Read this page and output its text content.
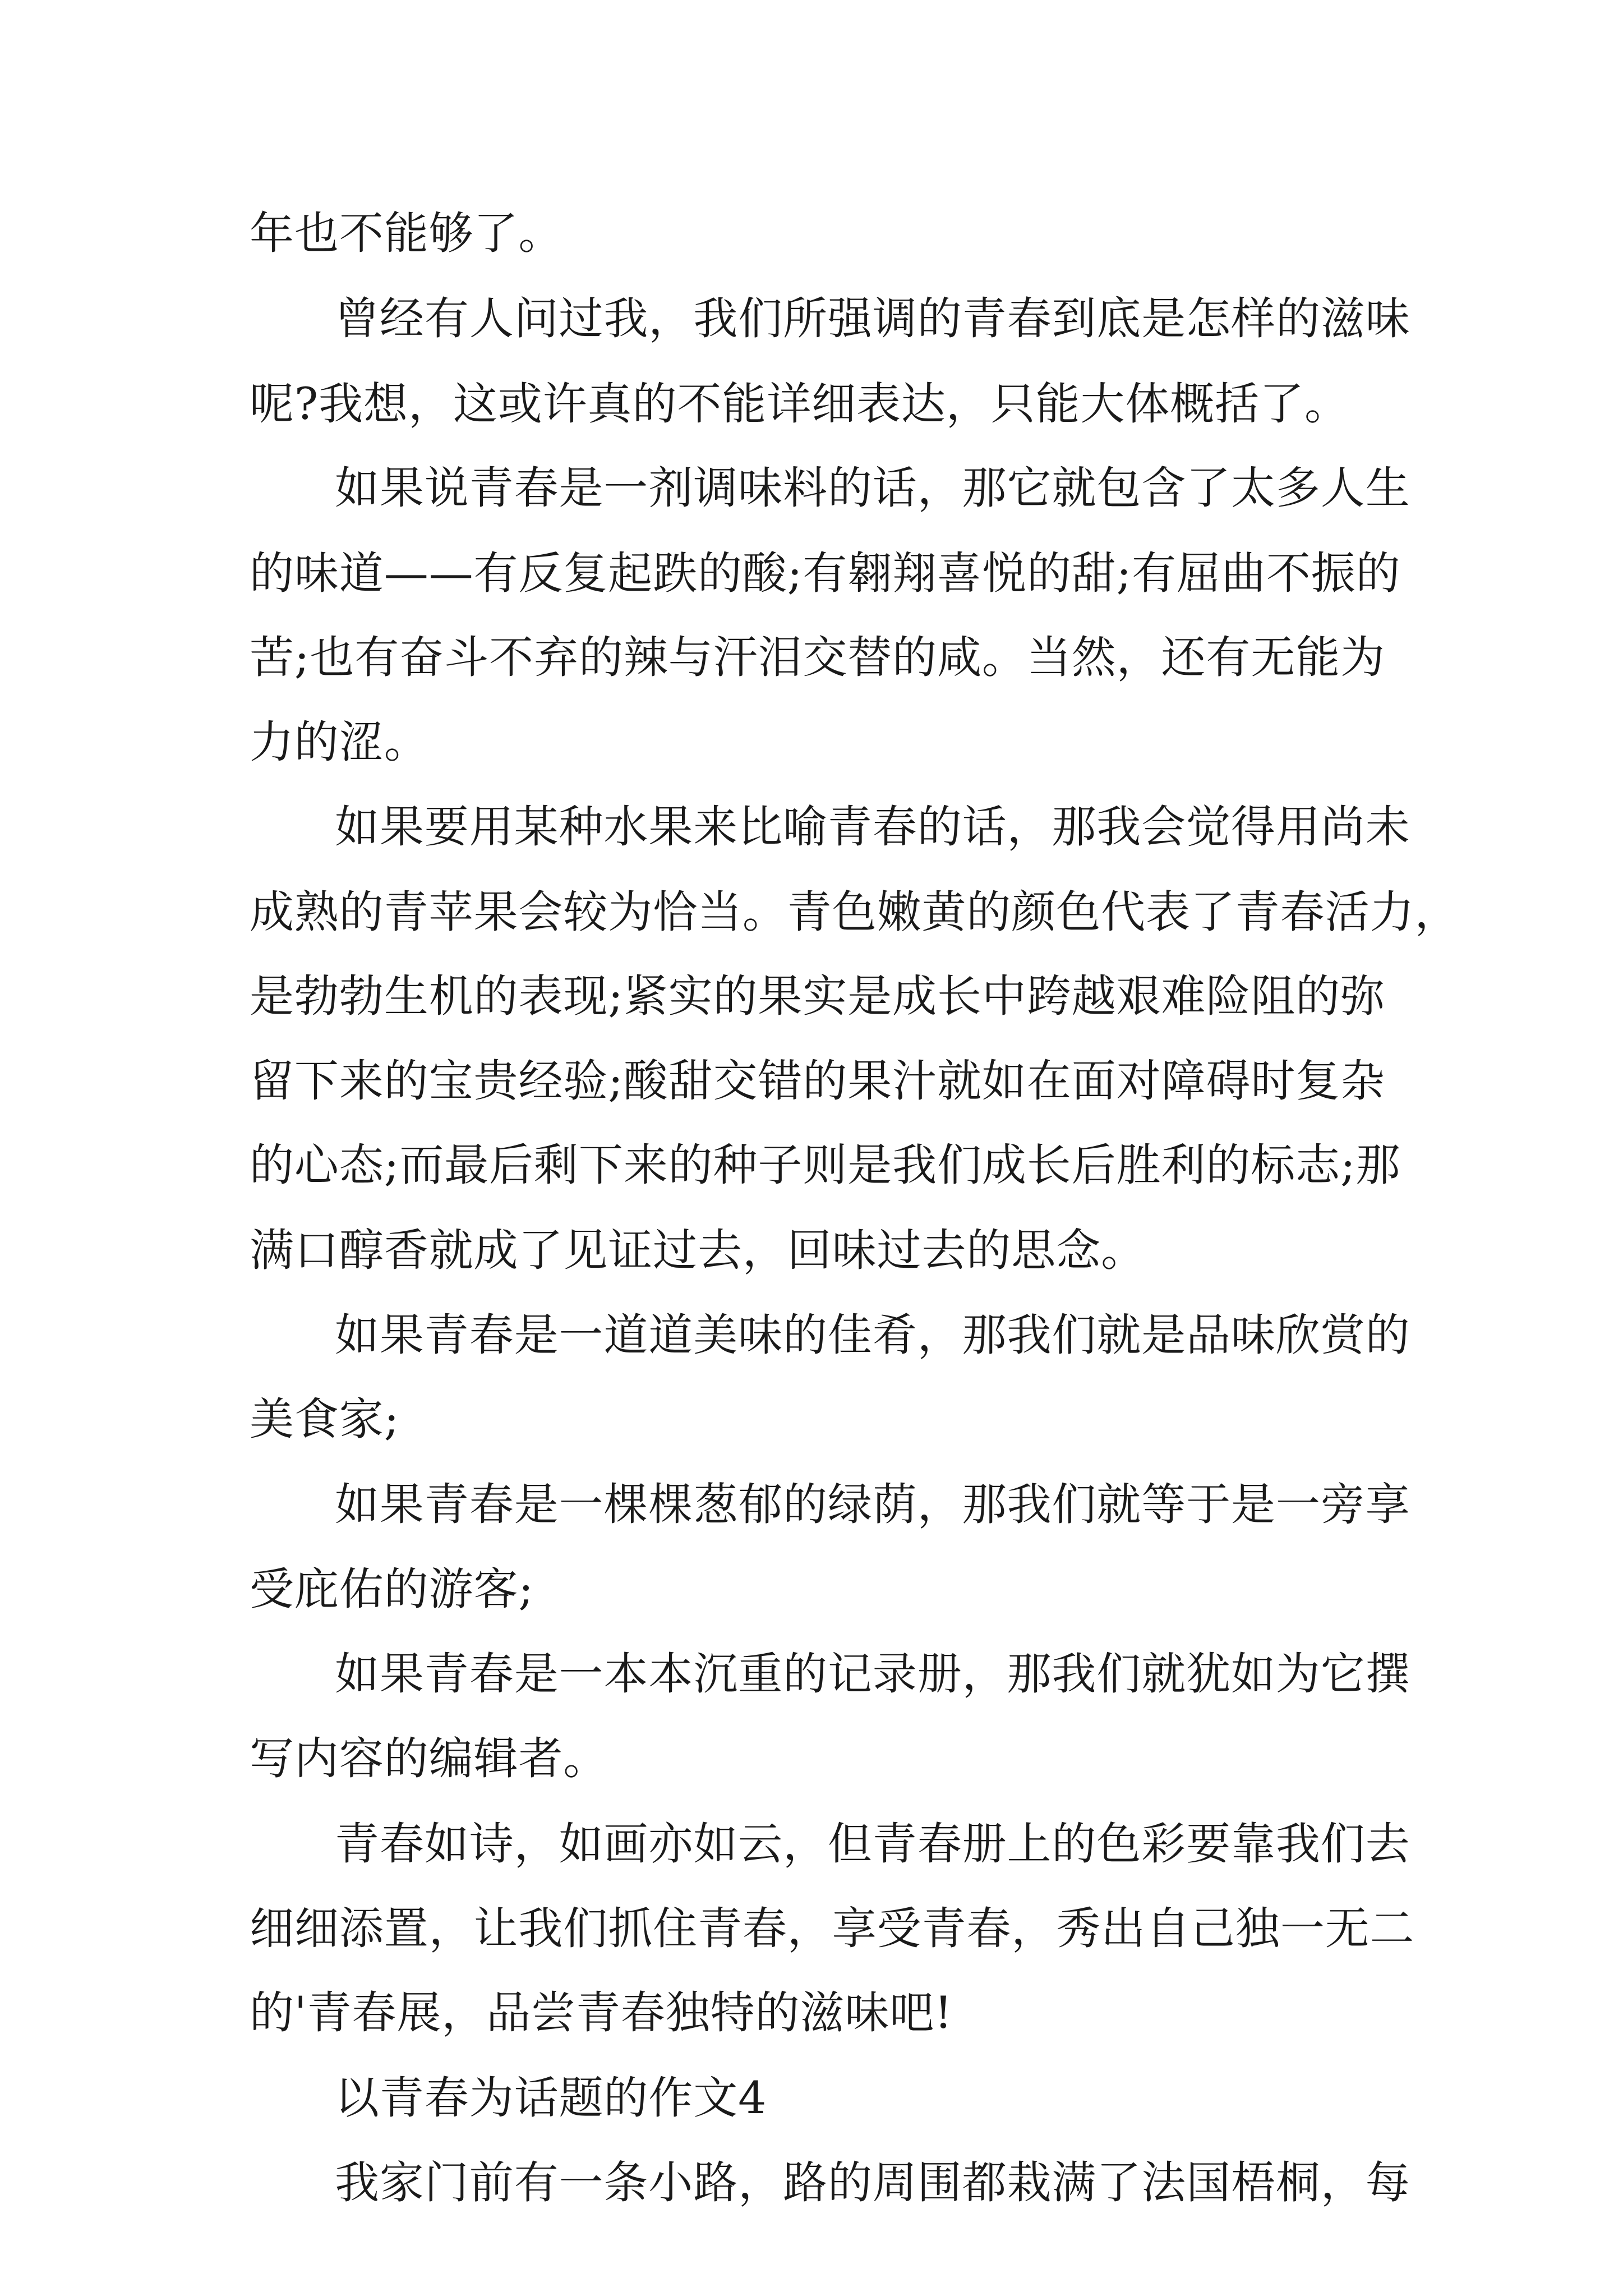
年也不能够了。
曾经有人问过我，我们所强调的青春到底是怎样的滋味
呢?我想，这或许真的不能详细表达，只能大体概括了。
如果说青春是一剂调味料的话，那它就包含了太多人生
的味道——有反复起跌的酸;有翱翔喜悦的甜;有屈曲不振的
苦;也有奋斗不弃的辣与汗泪交替的咸。当然，还有无能为
力的涩。
如果要用某种水果来比喻青春的话，那我会觉得用尚未
成熟的青苹果会较为恰当。青色嫩黄的颜色代表了青春活力，
是勃勃生机的表现;紧实的果实是成长中跨越艰难险阻的弥
留下来的宝贵经验;酸甜交错的果汁就如在面对障碍时复杂
的心态;而最后剩下来的种子则是我们成长后胜利的标志;那
满口醇香就成了见证过去，回味过去的思念。
如果青春是一道道美味的佳肴，那我们就是品味欣赏的
美食家;
如果青春是一棵棵葱郁的绿荫，那我们就等于是一旁享
受庇佑的游客;
如果青春是一本本沉重的记录册，那我们就犹如为它撰
写内容的编辑者。
青春如诗，如画亦如云，但青春册上的色彩要靠我们去
细细添置，让我们抓住青春，享受青春，秀出自己独一无二
的'青春展，品尝青春独特的滋味吧!
以青春为话题的作文4
我家门前有一条小路，路的周围都栽满了法国梧桐，每
